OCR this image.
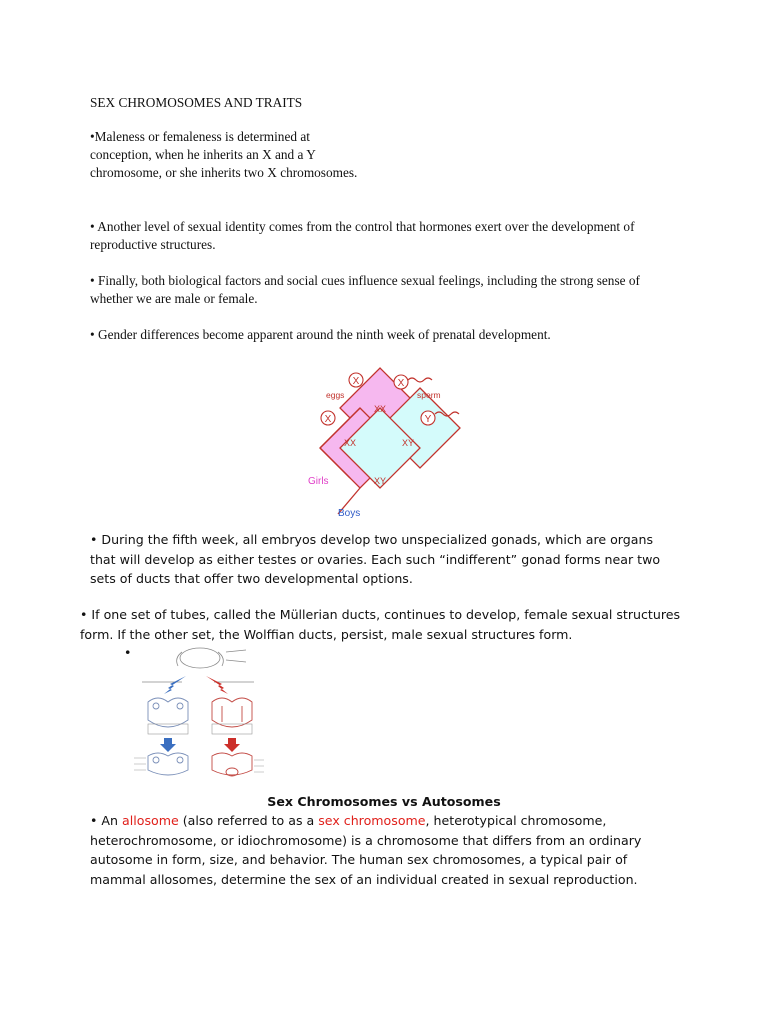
SEX CHROMOSOMES AND TRAITS

•Maleness or femaleness is determined at conception, when he inherits an X and a Y chromosome, or she inherits two X chromosomes.

• Another level of sexual identity comes from the control that hormones exert over the development of reproductive structures.

• Finally, both biological factors and social cues influence sexual feelings, including the strong sense of whether we are male or female.

• Gender differences become apparent around the ninth week of prenatal development.

X
X
X
Y
XX
XX	XY
XY
eggs	sperm
Girls
Boys

• During the fifth week, all embryos develop two unspecialized gonads, which are organs that will develop as either testes or ovaries. Each such “indifferent” gonad forms near two sets of ducts that offer two developmental options.

• If one set of tubes, called the Müllerian ducts, continues to develop, female sexual structures form. If the other set, the Wolffian ducts, persist, male sexual structures form.

•

Sex Chromosomes vs Autosomes

• An allosome (also referred to as a sex chromosome, heterotypical chromosome, heterochromosome, or idiochromosome) is a chromosome that differs from an ordinary autosome in form, size, and behavior. The human sex chromosomes, a typical pair of mammal allosomes, determine the sex of an individual created in sexual reproduction.
